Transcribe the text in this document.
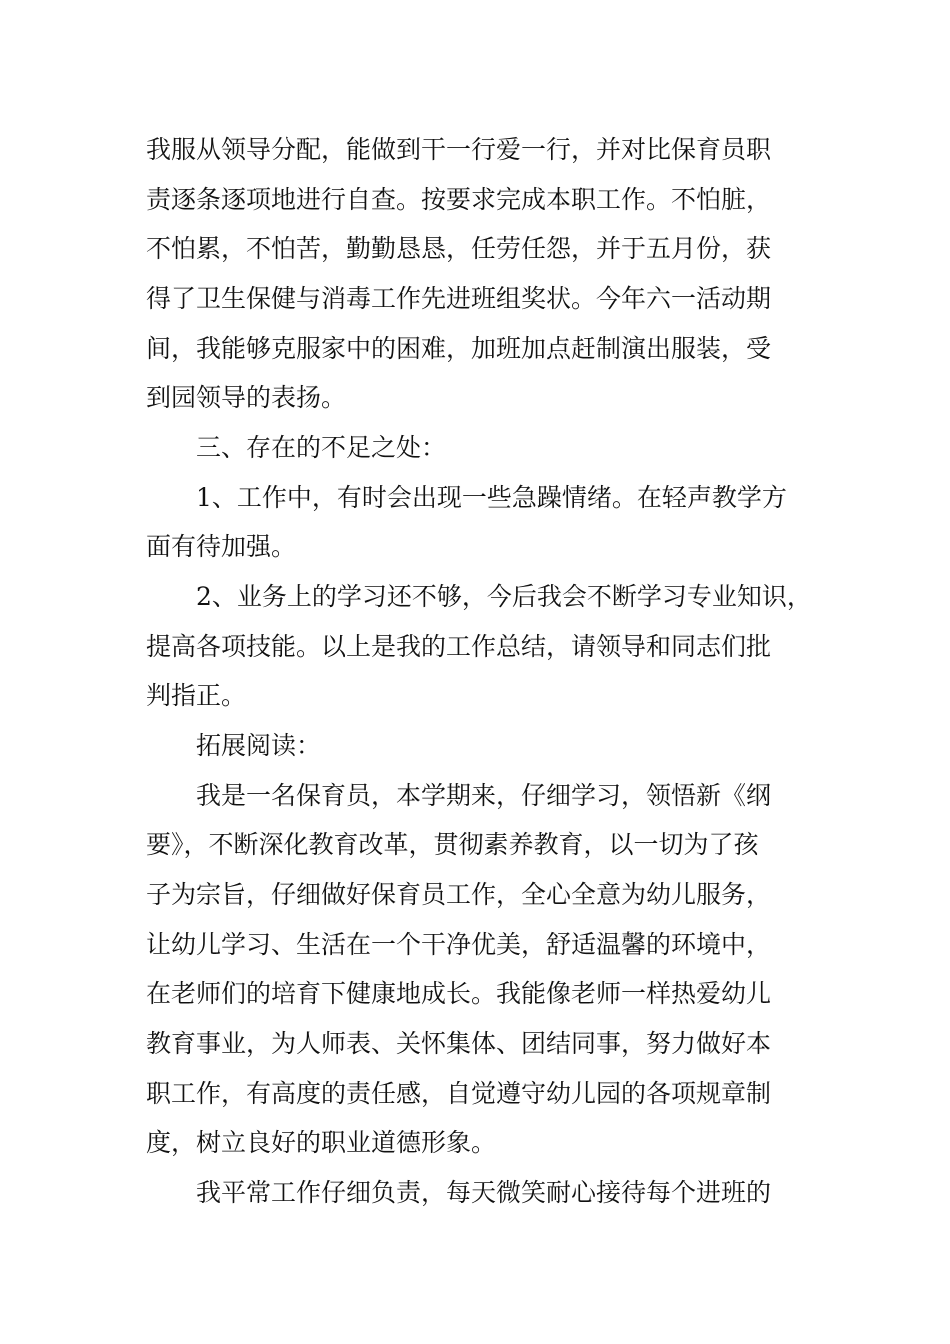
我服从领导分配，能做到干一行爱一行，并对比保育员职
责逐条逐项地进行自查。按要求完成本职工作。不怕脏，
不怕累，不怕苦，勤勤恳恳，任劳任怨，并于五月份，获
得了卫生保健与消毒工作先进班组奖状。今年六一活动期
间，我能够克服家中的困难，加班加点赶制演出服装，受
到园领导的表扬。
三、存在的不足之处：
1、工作中，有时会出现一些急躁情绪。在轻声教学方
面有待加强。
2、业务上的学习还不够，今后我会不断学习专业知识，
提高各项技能。以上是我的工作总结，请领导和同志们批
判指正。
拓展阅读：
我是一名保育员，本学期来，仔细学习，领悟新《纲
要》，不断深化教育改革，贯彻素养教育，以一切为了孩
子为宗旨，仔细做好保育员工作，全心全意为幼儿服务，
让幼儿学习、生活在一个干净优美，舒适温馨的环境中，
在老师们的培育下健康地成长。我能像老师一样热爱幼儿
教育事业，为人师表、关怀集体、团结同事，努力做好本
职工作，有高度的责任感，自觉遵守幼儿园的各项规章制
度，树立良好的职业道德形象。
我平常工作仔细负责，每天微笑耐心接待每个进班的
